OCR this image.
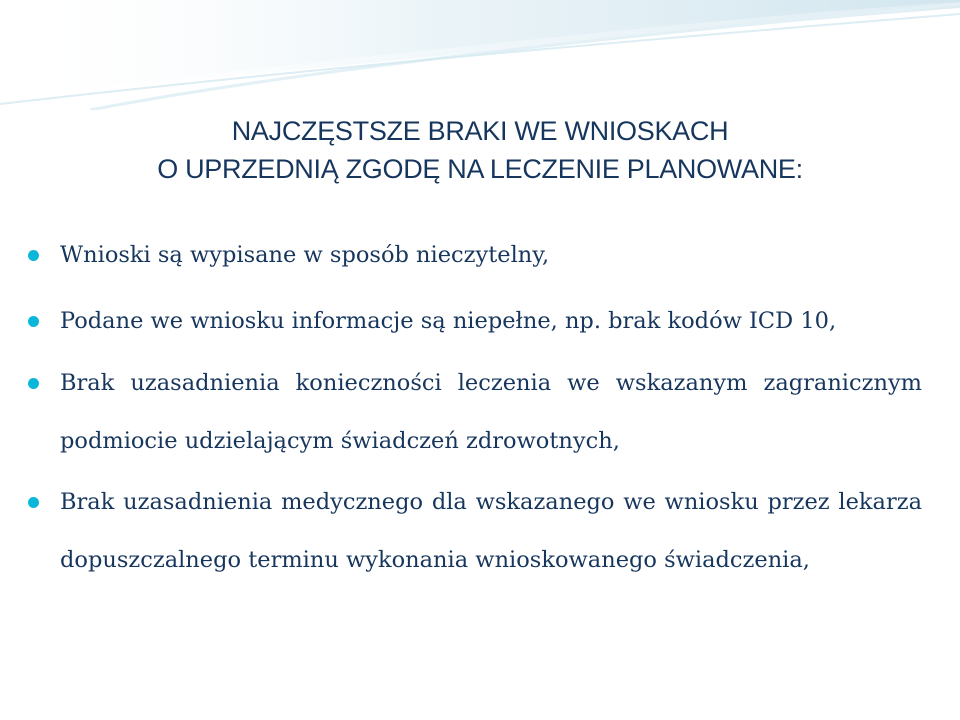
NAJCZĘSTSZE BRAKI WE WNIOSKACH
O UPRZEDNIĄ ZGODĘ NA LECZENIE PLANOWANE:
Wnioski są wypisane w sposób nieczytelny,
Podane we wniosku informacje są niepełne, np. brak kodów ICD 10,
Brak uzasadnienia konieczności leczenia we wskazanym zagranicznym podmiocie udzielającym świadczeń zdrowotnych,
Brak uzasadnienia medycznego dla wskazanego we wniosku przez lekarza dopuszczalnego terminu wykonania wnioskowanego świadczenia,
